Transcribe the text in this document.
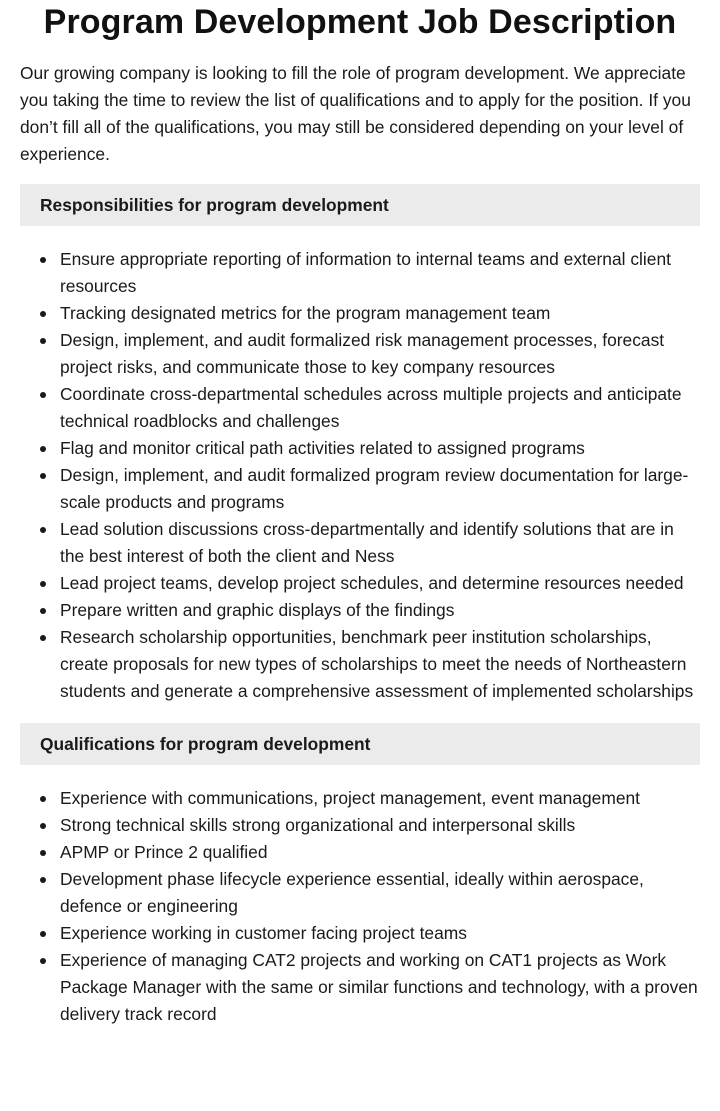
Program Development Job Description

Our growing company is looking to fill the role of program development. We appreciate you taking the time to review the list of qualifications and to apply for the position. If you don’t fill all of the qualifications, you may still be considered depending on your level of experience.

Responsibilities for program development
Ensure appropriate reporting of information to internal teams and external client resources
Tracking designated metrics for the program management team
Design, implement, and audit formalized risk management processes, forecast project risks, and communicate those to key company resources
Coordinate cross-departmental schedules across multiple projects and anticipate technical roadblocks and challenges
Flag and monitor critical path activities related to assigned programs
Design, implement, and audit formalized program review documentation for large-scale products and programs
Lead solution discussions cross-departmentally and identify solutions that are in the best interest of both the client and Ness
Lead project teams, develop project schedules, and determine resources needed
Prepare written and graphic displays of the findings
Research scholarship opportunities, benchmark peer institution scholarships, create proposals for new types of scholarships to meet the needs of Northeastern students and generate a comprehensive assessment of implemented scholarships
Qualifications for program development
Experience with communications, project management, event management
Strong technical skills strong organizational and interpersonal skills
APMP or Prince 2 qualified
Development phase lifecycle experience essential, ideally within aerospace, defence or engineering
Experience working in customer facing project teams
Experience of managing CAT2 projects and working on CAT1 projects as Work Package Manager with the same or similar functions and technology, with a proven delivery track record
